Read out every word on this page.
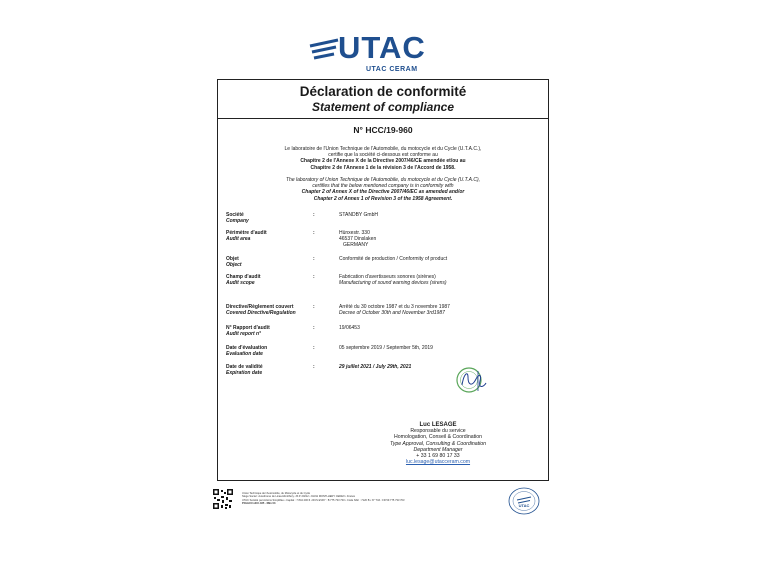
UTAC
UTAC CERAM
Déclaration de conformité
Statement of compliance
N° HCC/19-960
Le laboratoire de l'Union Technique de l'Automobile, du motocycle et du Cycle (U.T.A.C.),
certifie que la société ci-dessous est conforme au
Chapitre 2 de l'Annexe X de la Directive 2007/46/CE amendée et/ou au
Chapitre 2 de l'Annexe 1 de la révision 3 de l'Accord de 1958.
The laboratory of Union Technique de l'Automobile, du motocycle et du Cycle (U.T.A.C),
certifies that the below mentioned company is in conformity with
Chapter 2 of Annex X of the Directive 2007/46/EC as amended and/or
Chapter 2 of Annex 1 of Revision 3 of the 1958 Agreement.
Société
Company
:	STANDBY GmbH
Périmètre d'audit
Audit area
:	Hünxestr. 330
46537 Dinslaken
GERMANY
Objet
Object
:	Conformité de production / Conformity of product
Champ d'audit
Audit scope
:	Fabrication d'avertisseurs sonores (sirènes)
Manufacturing of sound warning devices (sirens)
Directive/Règlement couvert
Covered Directive/Regulation
:	Arrêté du 30 octobre 1987 et du 3 novembre 1987
Decree of October 30th and November 3rd1987
N° Rapport d'audit
Audit report n°
:	19/06453
Date d'évaluation
Evaluation date
:	05 septembre 2019 / September 5th, 2019
Date de validité
Expiration date
:	29 juillet 2021 / July 29th, 2021
Luc LESAGE
Responsable du service
Homologation, Conseil & Coordination
Type Approval, Consulting & Coordination
Department Manager
+ 33 1 69 80 17 33
luc.lesage@utacceram.com
Union Technique de l'Automobile, du Motocycle et du Cycle
Siège Social : Autodrome de Linas-Montlhéry • B.P. 20212 • 91311 MONTLHERY CEDEX • France
UTAC Société par Actions Simplifiée • Capital : 7 844 400 € • RCS EVRY : B 775 733 703 • Code NAF : 7120 B • N° TVA : FR 59 775 733 703
POLHCC.HCC.025 - RBv 03	UTAC
